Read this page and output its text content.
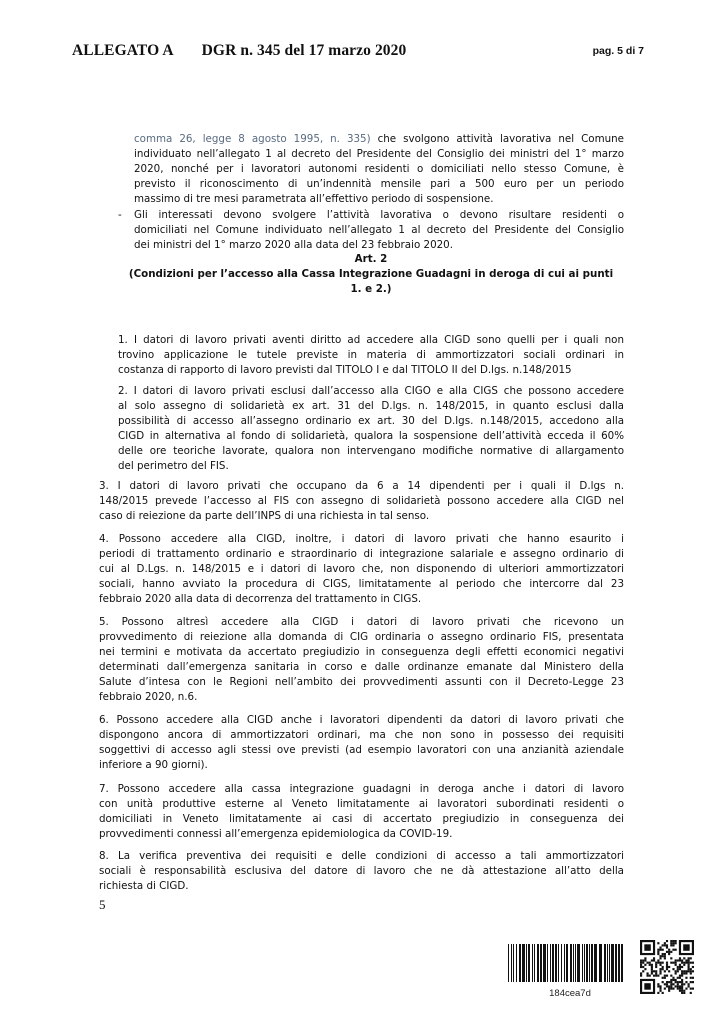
ALLEGATO A DGR n. 345 del 17 marzo 2020	pag. 5 di 7
comma 26, legge 8 agosto 1995, n. 335) che svolgono attività lavorativa nel Comune
individuato nell’allegato 1 al decreto del Presidente del Consiglio dei ministri del 1° marzo
2020, nonché per i lavoratori autonomi residenti o domiciliati nello stesso Comune, è
previsto il riconoscimento di un’indennità mensile pari a 500 euro per un periodo
massimo di tre mesi parametrata all’effettivo periodo di sospensione.
- Gli interessati devono svolgere l’attività lavorativa o devono risultare residenti o
domiciliati nel Comune individuato nell’allegato 1 al decreto del Presidente del Consiglio
dei ministri del 1° marzo 2020 alla data del 23 febbraio 2020.
Art. 2
(Condizioni per l’accesso alla Cassa Integrazione Guadagni in deroga di cui ai punti
1. e 2.)
1. I datori di lavoro privati aventi diritto ad accedere alla CIGD sono quelli per i quali non
trovino applicazione le tutele previste in materia di ammortizzatori sociali ordinari in
costanza di rapporto di lavoro previsti dal TITOLO I e dal TITOLO II del D.lgs. n.148/2015
2. I datori di lavoro privati esclusi dall’accesso alla CIGO e alla CIGS che possono accedere
al solo assegno di solidarietà ex art. 31 del D.lgs. n. 148/2015, in quanto esclusi dalla
possibilità di accesso all’assegno ordinario ex art. 30 del D.lgs. n.148/2015, accedono alla
CIGD in alternativa al fondo di solidarietà, qualora la sospensione dell’attività ecceda il 60%
delle ore teoriche lavorate, qualora non intervengano modifiche normative di allargamento
del perimetro del FIS.
3. I datori di lavoro privati che occupano da 6 a 14 dipendenti per i quali il D.lgs n.
148/2015 prevede l’accesso al FIS con assegno di solidarietà possono accedere alla CIGD nel
caso di reiezione da parte dell’INPS di una richiesta in tal senso.
4. Possono accedere alla CIGD, inoltre, i datori di lavoro privati che hanno esaurito i
periodi di trattamento ordinario e straordinario di integrazione salariale e assegno ordinario di
cui al D.Lgs. n. 148/2015 e i datori di lavoro che, non disponendo di ulteriori ammortizzatori
sociali, hanno avviato la procedura di CIGS, limitatamente al periodo che intercorre dal 23
febbraio 2020 alla data di decorrenza del trattamento in CIGS.
5. Possono altresì accedere alla CIGD i datori di lavoro privati che ricevono un
provvedimento di reiezione alla domanda di CIG ordinaria o assegno ordinario FIS, presentata
nei termini e motivata da accertato pregiudizio in conseguenza degli effetti economici negativi
determinati dall’emergenza sanitaria in corso e dalle ordinanze emanate dal Ministero della
Salute d’intesa con le Regioni nell’ambito dei provvedimenti assunti con il Decreto-Legge 23
febbraio 2020, n.6.
6. Possono accedere alla CIGD anche i lavoratori dipendenti da datori di lavoro privati che
dispongono ancora di ammortizzatori ordinari, ma che non sono in possesso dei requisiti
soggettivi di accesso agli stessi ove previsti (ad esempio lavoratori con una anzianità aziendale
inferiore a 90 giorni).
7. Possono accedere alla cassa integrazione guadagni in deroga anche i datori di lavoro
con unità produttive esterne al Veneto limitatamente ai lavoratori subordinati residenti o
domiciliati in Veneto limitatamente ai casi di accertato pregiudizio in conseguenza dei
provvedimenti connessi all’emergenza epidemiologica da COVID-19.
8. La verifica preventiva dei requisiti e delle condizioni di accesso a tali ammortizzatori
sociali è responsabilità esclusiva del datore di lavoro che ne dà attestazione all’atto della
richiesta di CIGD.
5
184cea7d
